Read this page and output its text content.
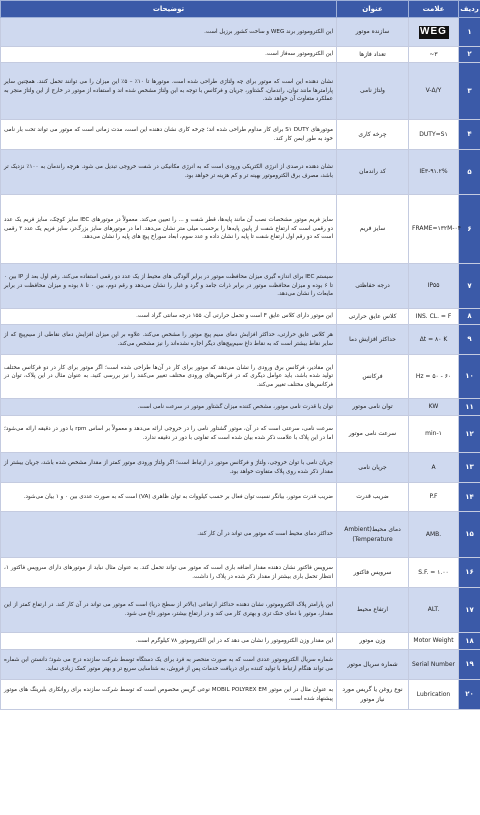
ردیف	علامت	عنوان	توضیحات
۱	WEG	سازنده موتور	این الکتروموتور برند WEG و ساخت کشور برزیل است.
۲	~۳	تعداد فازها	این الکتروموتور سه‌فاز است.
۳	V-Δ/Y	ولتاژ نامی	نشان دهنده این است که موتور برای چه ولتاژی طراحی شده است. موتورها تا ۱۰٪ – ۵٪ این میزان را می توانند تحمل کنند. همچنین سایر پارامترها مانند توان، راندمان، گشتاور، جریان و فرکانس با توجه به این ولتاژ مشخص شده اند و استفاده از موتور در خارج از این ولتاژ منجر به عملکرد متفاوت آن خواهد شد.
۴	DUTY=S۱	چرخه کاری	موتورهای S۱ DUTY برای کار مداوم طراحی شده اند؛ چرخه کاری نشان دهنده این است، مدت زمانی است که موتور می تواند تحت بار نامی خود به طور ایمن کار کند.
۵	IE۳-۹۱.۲%	کد راندمان	نشان دهنده درصدی از انرژی الکتریکی ورودی است که به انرژی مکانیکی در شفت خروجی تبدیل می شود. هرچه راندمان به ۱۰۰٪ نزدیک تر باشد، مصرف برق الکتروموتور بهینه تر و کم هزینه تر خواهد بود.
۶	FRAME=۱۳۲M-۰۴	سایز فریم	سایز فریم موتور مشخصات نصب آن مانند پایه‌ها، قطر شفت و ... را تعیین می‌کند. معمولاً در موتورهای IEC سایز کوچک، سایز فریم یک عدد دو رقمی است که ارتفاع شفت از پایین پایه‌ها را برحسب میلی متر نشان می‌دهد. اما در موتورهای سایز بزرگ‌تر، سایز فریم یک عدد ۳ رقمی است که دو رقم اول ارتفاع شفت تا پایه را نشان داده و عدد سوم، ابعاد سوراخ پیچ های پایه را نشان می‌دهد.
۷	IP۵۵	درجه حفاظتی	سیستم IEC برای اندازه گیری میزان محافظت موتور در برابر آلودگی های محیط از یک عدد دو رقمی استفاده می‌کند. رقم اول بعد از IP بین ۰ تا ۶ بوده و میزان محافظت موتور در برابر ذرات جامد و گرد و غبار را نشان می‌دهد و رقم دوم، بین ۰ تا ۸ بوده و میزان محافظت در برابر مایعات را نشان می‌دهد.
۸	INS. CL. = F	کلاس عایق حرارتی	این موتور دارای کلاس عایق F است و تحمل حرارتی آن، ۱۵۵ درجه سانتی گراد است.
۹	Δt = ۸۰ K	حداکثر افزایش دما	هر کلاس عایق حرارتی، حداکثر افزایش دمای سیم پیچ موتور را مشخص می‌کند. علاوه بر این میزان افزایش دمای نقاطی از سیم‌پیچ که از سایر نقاط بیشتر است که به نقاط داغ سیم‌پیچ‌های دیگر اجاره نشده‌اند را نیز مشخص می‌کند.
۱۰	Hz = ۵۰ - ۶۰	فرکانس	این مقادیر، فرکانس برق ورودی را نشان می‌دهد که موتور برای کار در آن‌ها طراحی شده است؛ اگر موتور برای کار در دو فرکانس مختلف تولید شده باشد، باید عوامل دیگری که در فرکانس‌های ورودی مختلف تغییر می‌کنند را نیز بررسی کنید. به عنوان مثال در این پلاک، توان در فرکانس‌های مختلف تغییر می‌کند.
۱۱	KW	توان نامی موتور	توان یا قدرت نامی موتور، مشخص کننده میزان گشتاور موتور در سرعت نامی است.
۱۲	min-۱	سرعت نامی موتور	سرعت نامی، سرعتی است که در آن، موتور گشتاور نامی را در خروجی ارائه می‌دهد و معمولاً بر اساس rpm یا دور در دقیقه ارائه می‌شود؛ اما در این پلاک با علامت ذکر شده بیان شده است که تفاوتی با دور در دقیقه ندارد.
۱۳	A	جریان نامی	جریان نامی با توان خروجی، ولتاژ و فرکانس موتور در ارتباط است؛ اگر ولتاژ ورودی موتور کمتر از مقدار مشخص شده باشد، جریان بیشتر از مقدار ذکر شده روی پلاک متفاوت خواهد بود.
۱۴	P.F	ضریب قدرت	ضریب قدرت موتور، بیانگر نسبت توان فعال بر حسب کیلووات به توان ظاهری (VA) است که به صورت عددی بین ۰ و ۱ بیان می‌شود.
۱۵	AMB.	دمای محیط(Ambient Temperature)	حداکثر دمای محیط است که موتور می تواند در آن کار کند.
۱۶	S.F. = ۱.۰۰	سرویس فاکتور	سرویس فاکتور نشان دهنده مقدار اضافه باری است که موتور می تواند تحمل کند. به عنوان مثال نباید از موتورهای دارای سرویس فاکتور ۱، انتظار تحمل باری بیشتر از مقدار ذکر شده در پلاک را داشت.
۱۷	ALT.	ارتفاع محیط	این پارامتر پلاک الکتروموتور، نشان دهنده حداکثر ارتفاعی (بالاتر از سطح دریا) است که موتور می تواند در آن کار کند. در ارتفاع کمتر از این مقدار، موتور با دمای خنک تری و بهتری کار می کند و در ارتفاع بیشتر، موتور داغ می شود.
۱۸	Motor Weight	وزن موتور	این مقدار وزن الکتروموتور را نشان می دهد که در این الکتروموتور ۷۸ کیلوگرم است.
۱۹	Serial Number	شماره سریال موتور	شماره سریال الکتروموتور عددی است که به صورت منحصر به فرد برای یک دستگاه توسط شرکت سازنده درج می شود؛ دانستن این شماره می تواند هنگام ارتباط با تولید کننده برای دریافت خدمات پس از فروش، به شناسایی سریع تر و بهتر موتور کمک زیادی نماید.
۲۰	Lubrication	نوع روغن یا گریس مورد نیاز موتور	به عنوان مثال در این موتور MOBIL POLYREX EM نوعی گریس مخصوص است که توسط شرکت سازنده برای روانکاری بلبرینگ های موتور پیشنهاد شده است.
